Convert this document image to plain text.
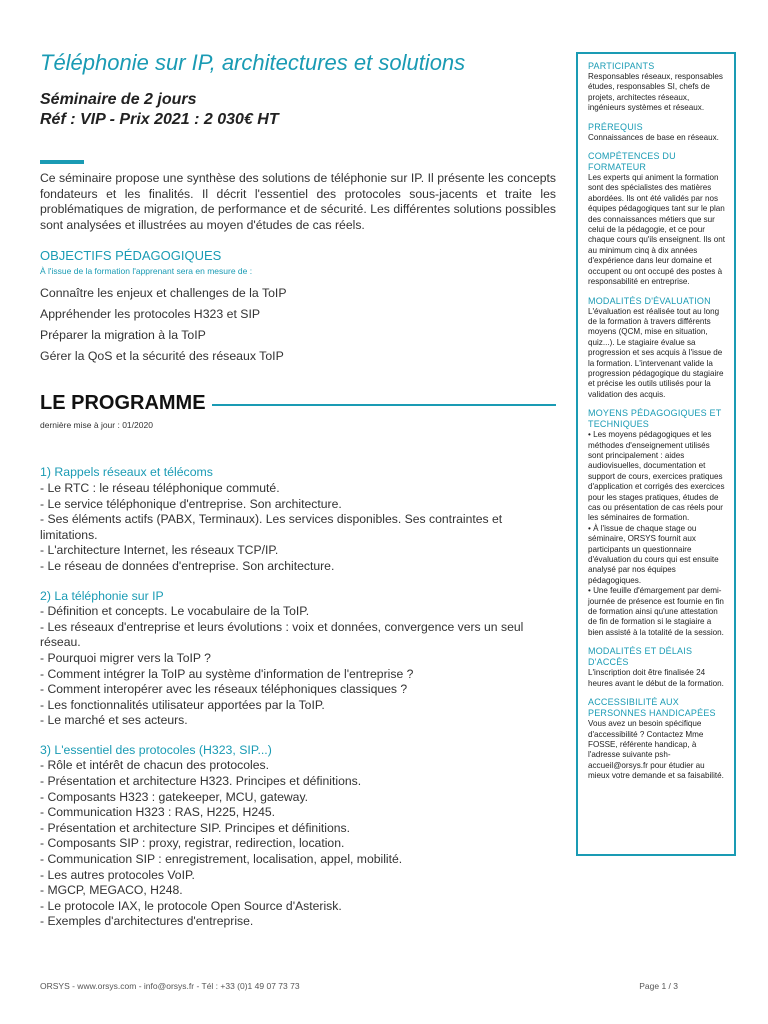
Téléphonie sur IP, architectures et solutions
Séminaire de 2 jours
Réf : VIP - Prix 2021 : 2 030€ HT

Ce séminaire propose une synthèse des solutions de téléphonie sur IP. Il présente les concepts fondateurs et les finalités. Il décrit l'essentiel des protocoles sous-jacents et traite les problématiques de migration, de performance et de sécurité. Les différentes solutions possibles sont analysées et illustrées au moyen d'études de cas réels.

OBJECTIFS PÉDAGOGIQUES
À l'issue de la formation l'apprenant sera en mesure de :
Connaître les enjeux et challenges de la ToIP
Appréhender les protocoles H323 et SIP
Préparer la migration à la ToIP
Gérer la QoS et la sécurité des réseaux ToIP
LE PROGRAMME
dernière mise à jour : 01/2020
1) Rappels réseaux et télécoms
- Le RTC : le réseau téléphonique commuté.
- Le service téléphonique d'entreprise. Son architecture.
- Ses éléments actifs (PABX, Terminaux). Les services disponibles. Ses contraintes et limitations.
- L'architecture Internet, les réseaux TCP/IP.
- Le réseau de données d'entreprise. Son architecture.
2) La téléphonie sur IP
- Définition et concepts. Le vocabulaire de la ToIP.
- Les réseaux d'entreprise et leurs évolutions : voix et données, convergence vers un seul réseau.
- Pourquoi migrer vers la ToIP ?
- Comment intégrer la ToIP au système d'information de l'entreprise ?
- Comment interopérer avec les réseaux téléphoniques classiques ?
- Les fonctionnalités utilisateur apportées par la ToIP.
- Le marché et ses acteurs.
3) L'essentiel des protocoles (H323, SIP...)
- Rôle et intérêt de chacun des protocoles.
- Présentation et architecture H323. Principes et définitions.
- Composants H323 : gatekeeper, MCU, gateway.
- Communication H323 : RAS, H225, H245.
- Présentation et architecture SIP. Principes et définitions.
- Composants SIP : proxy, registrar, redirection, location.
- Communication SIP : enregistrement, localisation, appel, mobilité.
- Les autres protocoles VoIP.
- MGCP, MEGACO, H248.
- Le protocole IAX, le protocole Open Source d'Asterisk.
- Exemples d'architectures d'entreprise.
PARTICIPANTS
Responsables réseaux, responsables études, responsables SI, chefs de projets, architectes réseaux, ingénieurs systèmes et réseaux.
PRÉREQUIS
Connaissances de base en réseaux.
COMPÉTENCES DU FORMATEUR
Les experts qui animent la formation sont des spécialistes des matières abordées. Ils ont été validés par nos équipes pédagogiques tant sur le plan des connaissances métiers que sur celui de la pédagogie, et ce pour chaque cours qu'ils enseignent. Ils ont au minimum cinq à dix années d'expérience dans leur domaine et occupent ou ont occupé des postes à responsabilité en entreprise.
MODALITÉS D'ÉVALUATION
L'évaluation est réalisée tout au long de la formation à travers différents moyens (QCM, mise en situation, quiz...). Le stagiaire évalue sa progression et ses acquis à l'issue de la formation. L'intervenant valide la progression pédagogique du stagiaire et précise les outils utilisés pour la validation des acquis.
MOYENS PÉDAGOGIQUES ET TECHNIQUES
• Les moyens pédagogiques et les méthodes d'enseignement utilisés sont principalement : aides audiovisuelles, documentation et support de cours, exercices pratiques d'application et corrigés des exercices pour les stages pratiques, études de cas ou présentation de cas réels pour les séminaires de formation.
• À l'issue de chaque stage ou séminaire, ORSYS fournit aux participants un questionnaire d'évaluation du cours qui est ensuite analysé par nos équipes pédagogiques.
• Une feuille d'émargement par demi-journée de présence est fournie en fin de formation ainsi qu'une attestation de fin de formation si le stagiaire a bien assisté à la totalité de la session.
MODALITÉS ET DÉLAIS D'ACCÈS
L'inscription doit être finalisée 24 heures avant le début de la formation.
ACCESSIBILITÉ AUX PERSONNES HANDICAPÉES
Vous avez un besoin spécifique d'accessibilité ? Contactez Mme FOSSE, référente handicap, à l'adresse suivante psh-accueil@orsys.fr pour étudier au mieux votre demande et sa faisabilité.
ORSYS - www.orsys.com - info@orsys.fr - Tél : +33 (0)1 49 07 73 73	Page 1 / 3
